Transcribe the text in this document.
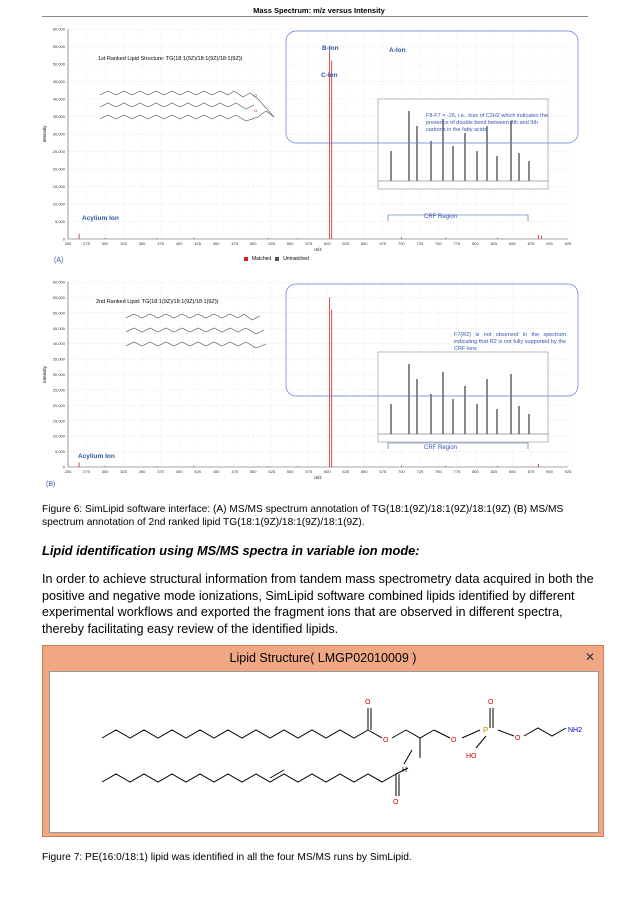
Mass Spectrum: m/z versus Intensity
O
O
0
5,000
10,000
15,000
20,000
25,000
30,000
35,000
40,000
45,000
50,000
55,000
60,000
250	275	300	325	350	375	400	425	450	475	500	525	550	575	600	625	650	675	700	725	750	775	800	825	850	875	900	925
m/z
Intensity
1st Ranked Lipid Structure: TG(18:1(9Z)/18:1(9Z)/18:1(9Z))
B-Ion	A-Ion
C-Ion
F8-F7 = -26, i.e., loss of C2H2 which indicates the presence of double bond between 8th and 9th carbons in the fatty acids
Acylium Ion	CRF Region
(A)	Matched Unmatched
0
5,000
10,000
15,000
20,000
25,000
30,000
35,000
40,000
45,000
50,000
55,000
60,000
250	275	300	325	350	375	400	425	450	475	500	525	550	575	600	625	650	675	700	725	750	775	800	825	850	875	900	925
m/z
Intensity
2nd Ranked Lipid: TG(18:1(9Z)/18:1(9Z)/18:1(9Z))
F7(R2) is not observed in the spectrum indicating that R2 is not fully supported by the CRF ions
Acylium Ion
CRF Region
(B)
Figure 6: SimLipid software interface: (A) MS/MS spectrum annotation of TG(18:1(9Z)/18:1(9Z)/18:1(9Z) (B) MS/MS spectrum annotation of 2nd ranked lipid TG(18:1(9Z)/18:1(9Z)/18:1(9Z).
Lipid identification using MS/MS spectra in variable ion mode:
In order to achieve structural information from tandem mass spectrometry data acquired in both the positive and negative mode ionizations, SimLipid software combined lipids identified by different experimental workflows and exported the fragment ions that are observed in different spectra, thereby facilitating easy review of the identified lipids.
Lipid Structure( LMGP02010009 )	✕
O
O	O
O
P
O
HO
H
NH2
O
Figure 7: PE(16:0/18:1) lipid was identified in all the four MS/MS runs by SimLipid.
